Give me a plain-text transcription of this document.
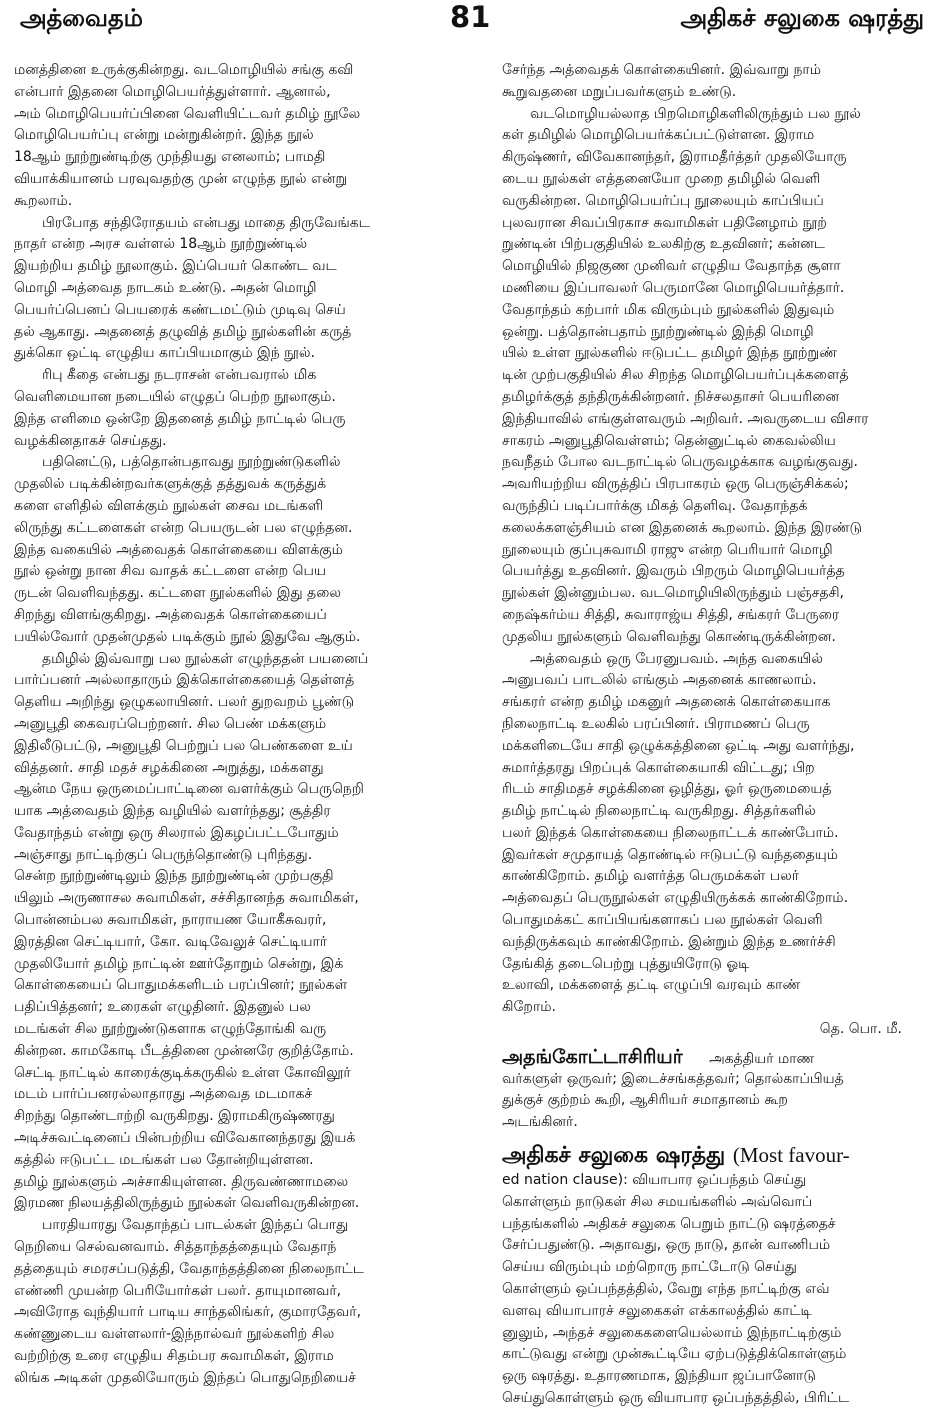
அத்வைதம்	81	அதிகச் சலுகை ஷரத்து
மனத்தினை உருக்குகின்றது. வடமொழியில் சங்கு கவி
என்பார் இதனை மொழிபெயர்த்துள்ளார். ஆனால்,
அம் மொழிபெயர்ப்பினை வெளியிட்டவர் தமிழ் நூலே
மொழிபெயர்ப்பு என்று மன்றுகின்றர். இந்த நூல்
18ஆம் நூற்றுண்டிற்கு முந்தியது எனலாம்; பாமதி
வியாக்கியானம் பரவுவதற்கு முன் எழுந்த நூல் என்று
கூறலாம்.
பிரபோத சந்திரோதயம் என்பது மாதை திருவேங்கட
நாதர் என்ற அரச வள்ளல் 18ஆம் நூற்றுண்டில்
இயற்றிய தமிழ் நூலாகும். இப்பெயர் கொண்ட வட
மொழி அத்வைத நாடகம் உண்டு. அதன் மொழி
பெயர்ப்பெனப் பெயரைக் கண்டமட்டும் முடிவு செய்
தல் ஆகாது. அதனைத் தழுவித் தமிழ் நூல்களின் கருத்
துக்கொ ஒட்டி எழுதிய காப்பியமாகும் இந் நூல்.
ரிபு கீதை என்பது நடராசன் என்பவரால் மிக
வெளிமையான நடையில் எழுதப் பெற்ற நூலாகும்.
இந்த எளிமை ஒன்றே இதனைத் தமிழ் நாட்டில் பெரு
வழக்கினதாகச் செய்தது.
பதினெட்டு, பத்தொன்பதாவது நூற்றுண்டுகளில்
முதலில் படிக்கின்றவர்களுக்குத் தத்துவக் கருத்துக்
களை எளிதில் விளக்கும் நூல்கள் சைவ மடங்களி
லிருந்து கட்டளைகள் என்ற பெயருடன் பல எழுந்தன.
இந்த வகையில் அத்வைதக் கொள்கையை விளக்கும்
நூல் ஒன்று நான சிவ வாதக் கட்டளை என்ற பெய
ருடன் வெளிவந்தது. கட்டளை நூல்களில் இது தலை
சிறந்து விளங்குகிறது. அத்வைதக் கொள்கையைப்
பயில்வோர் முதன்முதல் படிக்கும் நூல் இதுவே ஆகும்.
தமிழில் இவ்வாறு பல நூல்கள் எழுந்ததன் பயனைப்
பார்ப்பனர் அல்லாதாரும் இக்கொள்கையைத் தெள்ளத்
தெளிய அறிந்து ஒழுகலாயினர். பலர் துறவறம் பூண்டு
அனுபூதி கைவரப்பெற்றனர். சில பெண் மக்களும்
இதிலீடுபட்டு, அனுபூதி பெற்றுப் பல பெண்களை உய்
வித்தனர். சாதி மதச் சழக்கினை அறுத்து, மக்களது
ஆன்ம நேய ஒருமைப்பாட்டினை வளர்க்கும் பெருநெறி
யாக அத்வைதம் இந்த வழியில் வளர்ந்தது; சூத்திர
வேதாந்தம் என்று ஒரு சிலரால் இகழப்பட்டபோதும்
அஞ்சாது நாட்டிற்குப் பெருந்தொண்டு புரிந்தது.
சென்ற நூற்றுண்டிலும் இந்த நூற்றுண்டின் முற்பகுதி
யிலும் அருணாசல சுவாமிகள், சச்சிதானந்த சுவாமிகள்,
பொன்னம்பல சுவாமிகள், நாராயண யோகீசுவரர்,
இரத்தின செட்டியார், கோ. வடிவேலுச் செட்டியார்
முதலியோர் தமிழ் நாட்டின் ஊர்தோறும் சென்று, இக்
கொள்கையைப் பொதுமக்களிடம் பரப்பினர்; நூல்கள்
பதிப்பித்தனர்; உரைகள் எழுதினர். இதனுல் பல
மடங்கள் சில நூற்றுண்டுகளாக எழுந்தோங்கி வரு
கின்றன. காமகோடி பீடத்தினை முன்னரே குறித்தோம்.
செட்டி நாட்டில் காரைக்குடிக்கருகில் உள்ள கோவிலூர்
மடம் பார்ப்பனரல்லாதாரது அத்வைத மடமாகச்
சிறந்து தொண்டாற்றி வருகிறது. இராமகிருஷ்ணரது
அடிச்சுவட்டினைப் பின்பற்றிய விவேகானந்தரது இயக்
கத்தில் ஈடுபட்ட மடங்கள் பல தோன்றியுள்ளன.
தமிழ் நூல்களும் அச்சாகியுள்ளன. திருவண்ணாமலை
இரமண நிலயத்திலிருந்தும் நூல்கள் வெளிவருகின்றன.
பாரதியாரது வேதாந்தப் பாடல்கள் இந்தப் பொது
நெறியை செல்வனவாம். சித்தாந்தத்தையும் வேதாந்
தத்தையும் சமரசப்படுத்தி, வேதாந்தத்தினை நிலைநாட்ட
எண்ணி முயன்ற பெரியோர்கள் பலர். தாயுமானவர்,
அவிரோத வுந்தியார் பாடிய சாந்தலிங்கர், குமாரதேவர்,
கண்ணுடைய வள்ளலார்-இந்நால்வர் நூல்களிற் சில
வற்றிற்கு உரை எழுதிய சிதம்பர சுவாமிகள், இராம
லிங்க அடிகள் முதலியோரும் இந்தப் பொதுநெறியைச்
சேர்ந்த அத்வைதக் கொள்கையினர். இவ்வாறு நாம்
கூறுவதனை மறுப்பவர்களும் உண்டு.
வடமொழியல்லாத பிறமொழிகளிலிருந்தும் பல நூல்
கள் தமிழில் மொழிபெயர்க்கப்பட்டுள்ளன. இராம
கிருஷ்ணர், விவேகானந்தர், இராமதீர்த்தர் முதலியோரு
டைய நூல்கள் எத்தனையோ முறை தமிழில் வெளி
வருகின்றன. மொழிபெயர்ப்பு நூலையும் காப்பியப்
புலவரான சிவப்பிரகாச சுவாமிகள் பதினேழாம் நூற்
றுண்டின் பிற்பகுதியில் உலகிற்கு உதவினர்; கன்னட
மொழியில் நிஜகுண முனிவர் எழுதிய வேதாந்த சூளா
மணியை இப்பாவலர் பெருமானே மொழிபெயர்த்தார்.
வேதாந்தம் கற்பார் மிக விரும்பும் நூல்களில் இதுவும்
ஒன்று. பத்தொன்பதாம் நூற்றுண்டில் இந்தி மொழி
யில் உள்ள நூல்களில் ஈடுபட்ட தமிழர் இந்த நூற்றுண்
டின் முற்பகுதியில் சில சிறந்த மொழிபெயர்ப்புக்களைத்
தமிழர்க்குத் தந்திருக்கின்றனர். நிச்சலதாசர் பெயரினை
இந்தியாவில் எங்குள்ளவரும் அறிவர். அவருடைய விசார
சாகரம் அனுபூதிவெள்ளம்; தென்னுட்டில் கைவல்லிய
நவநீதம் போல வடநாட்டில் பெருவழக்காக வழங்குவது.
அவரியற்றிய விருத்திப் பிரபாகரம் ஒரு பெருஞ்சிக்கல்;
வருந்திப் படிப்பார்க்கு மிகத் தெளிவு. வேதாந்தக்
கலைக்களஞ்சியம் என இதனைக் கூறலாம். இந்த இரண்டு
நூலையும் குப்புசுவாமி ராஜு என்ற பெரியார் மொழி
பெயர்த்து உதவினர். இவரும் பிறரும் மொழிபெயர்த்த
நூல்கள் இன்னும்பல. வடமொழியிலிருந்தும் பஞ்சதசி,
நைஷ்கர்ம்ய சித்தி, சுவாராஜ்ய சித்தி, சங்கரர் பேருரை
முதலிய நூல்களும் வெளிவந்து கொண்டிருக்கின்றன.
அத்வைதம் ஒரு பேரனுபவம். அந்த வகையில்
அனுபவப் பாடலில் எங்கும் அதனைக் காணலாம்.
சங்கரர் என்ற தமிழ் மகனுர் அதனைக் கொள்கையாக
நிலைநாட்டி உலகில் பரப்பினர். பிராமணப் பெரு
மக்களிடையே சாதி ஒழுக்கத்தினை ஒட்டி அது வளர்ந்து,
சுமார்த்தரது பிறப்புக் கொள்கையாகி விட்டது; பிற
ரிடம் சாதிமதச் சழக்கினை ஒழித்து, ஓர் ஒருமையைத்
தமிழ் நாட்டில் நிலைநாட்டி வருகிறது. சித்தர்களில்
பலர் இந்தக் கொள்கையை நிலைநாட்டக் காண்போம்.
இவர்கள் சமுதாயத் தொண்டில் ஈடுபட்டு வந்ததையும்
காண்கிறோம். தமிழ் வளர்த்த பெருமக்கள் பலர்
அத்வைதப் பெருநூல்கள் எழுதியிருக்கக் காண்கிறோம்.
பொதுமக்கட் காப்பியங்களாகப் பல நூல்கள் வெளி
வந்திருக்கவும் காண்கிறோம். இன்றும் இந்த உணர்ச்சி
தேங்கித் தடைபெற்று புத்துயிரோடு ஓடி
உலாவி, மக்களைத் தட்டி எழுப்பி வரவும் காண்
கிறோம்.
தெ. பொ. மீ.
அதங்கோட்டாசிரியர் அகத்தியர் மாண
வர்களுள் ஒருவர்; இடைச்சங்கத்தவர்; தொல்காப்பியத்
துக்குச் குற்றம் கூறி, ஆசிரியர் சமாதானம் கூற
அடங்கினர்.
அதிகச் சலுகை ஷரத்து (Most favour-
ed nation clause): வியாபார ஒப்பந்தம் செய்து
கொள்ளும் நாடுகள் சில சமயங்களில் அவ்வொப்
பந்தங்களில் அதிகச் சலுகை பெறும் நாட்டு ஷரத்தைச்
சேர்ப்பதுண்டு. அதாவது, ஒரு நாடு, தான் வாணிபம்
செய்ய விரும்பும் மற்றொரு நாட்டோடு செய்து
கொள்ளும் ஒப்பந்தத்தில், வேறு எந்த நாட்டிற்கு எவ்
வளவு வியாபாரச் சலுகைகள் எக்காலத்தில் காட்டி
னுலும், அந்தச் சலுகைகளையெல்லாம் இந்நாட்டிற்கும்
காட்டுவது என்று முன்கூட்டியே ஏற்படுத்திக்கொள்ளும்
ஒரு ஷரத்து. உதாரணமாக, இந்தியா ஜப்பானோடு
செய்துகொள்ளும் ஒரு வியாபார ஒப்பந்தத்தில், பிரிட்ட
